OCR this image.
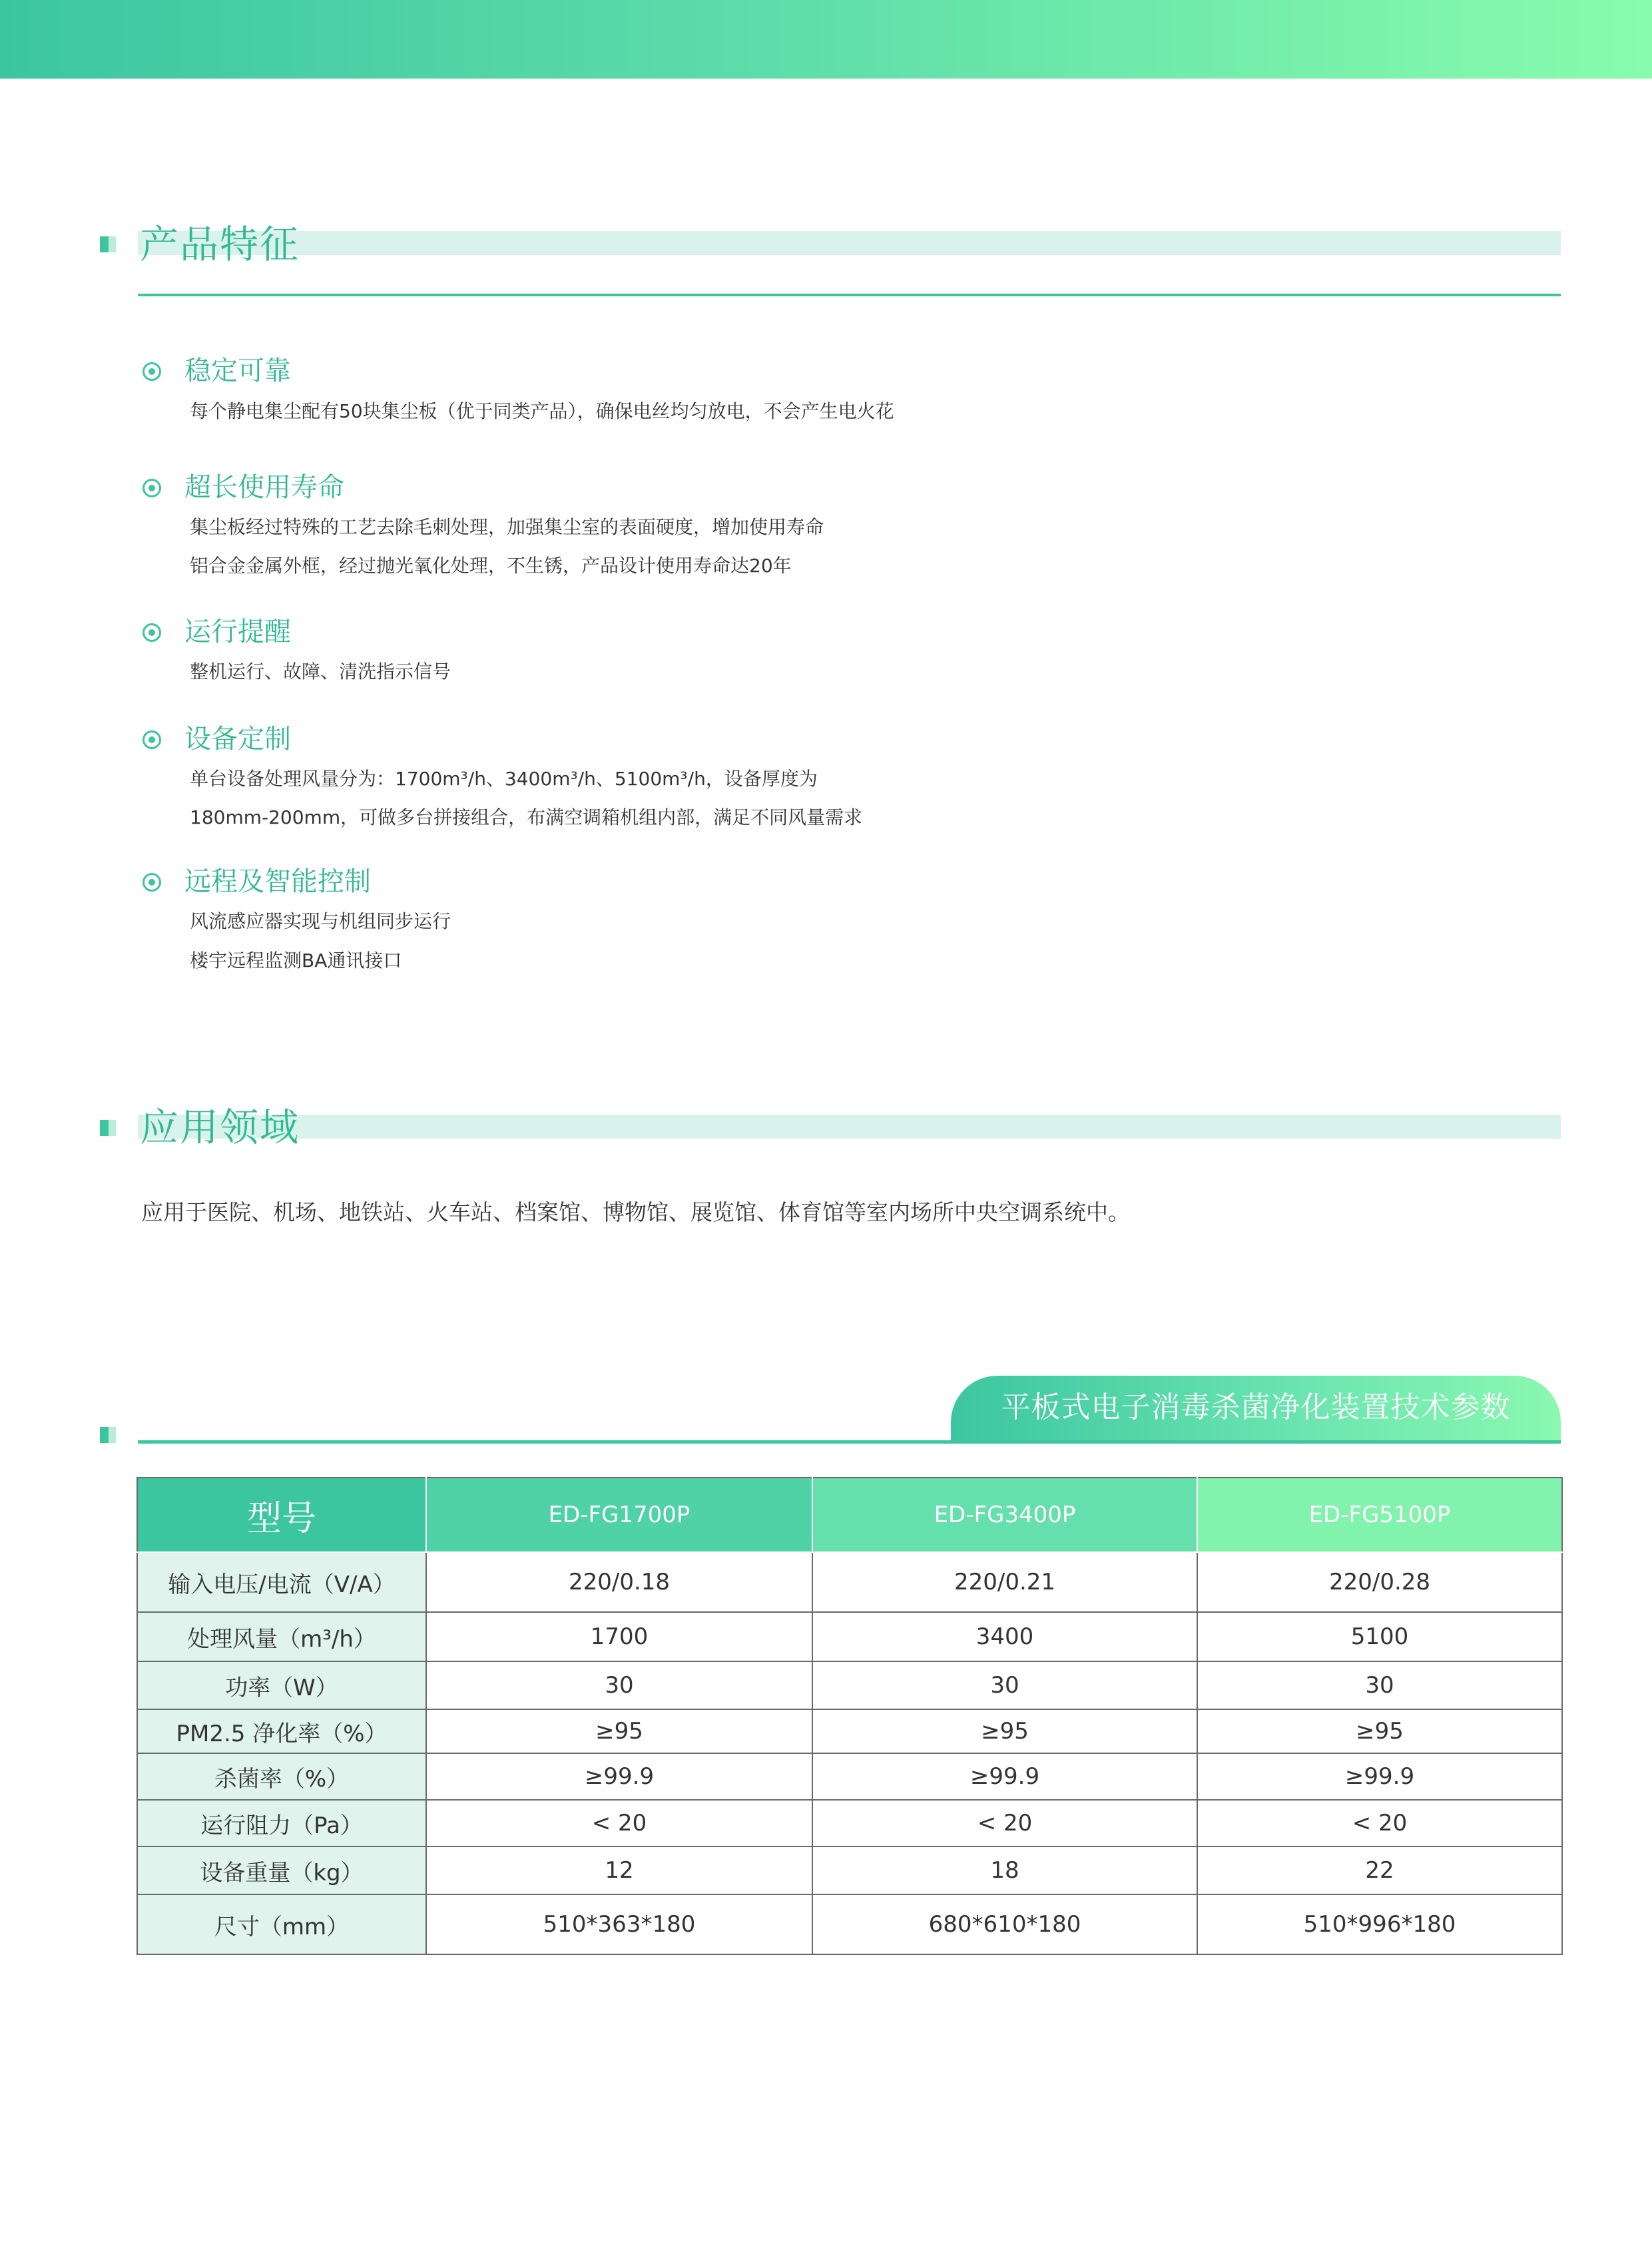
产品特征
稳定可靠
每个静电集尘配有50块集尘板（优于同类产品），确保电丝均匀放电，不会产生电火花
超长使用寿命
集尘板经过特殊的工艺去除毛刺处理，加强集尘室的表面硬度，增加使用寿命
铝合金金属外框，经过抛光氧化处理，不生锈，产品设计使用寿命达20年
运行提醒
整机运行、故障、清洗指示信号
设备定制
单台设备处理风量分为：1700m³/h、3400m³/h、5100m³/h，设备厚度为
180mm-200mm，可做多台拼接组合，布满空调箱机组内部，满足不同风量需求
远程及智能控制
风流感应器实现与机组同步运行
楼宇远程监测BA通讯接口
应用领域
应用于医院、机场、地铁站、火车站、档案馆、博物馆、展览馆、体育馆等室内场所中央空调系统中。
平板式电子消毒杀菌净化装置技术参数
型号	ED-FG1700P	ED-FG3400P	ED-FG5100P
输入电压/电流（V/A）	220/0.18	220/0.21	220/0.28
处理风量（m³/h）	1700	3400	5100
功率（W）	30	30	30
PM2.5 净化率（%）	≥95	≥95	≥95
杀菌率（%）	≥99.9	≥99.9	≥99.9
运行阻力（Pa）	< 20	< 20	< 20
设备重量（kg）	12	18	22
尺寸（mm）	510*363*180	680*610*180	510*996*180
